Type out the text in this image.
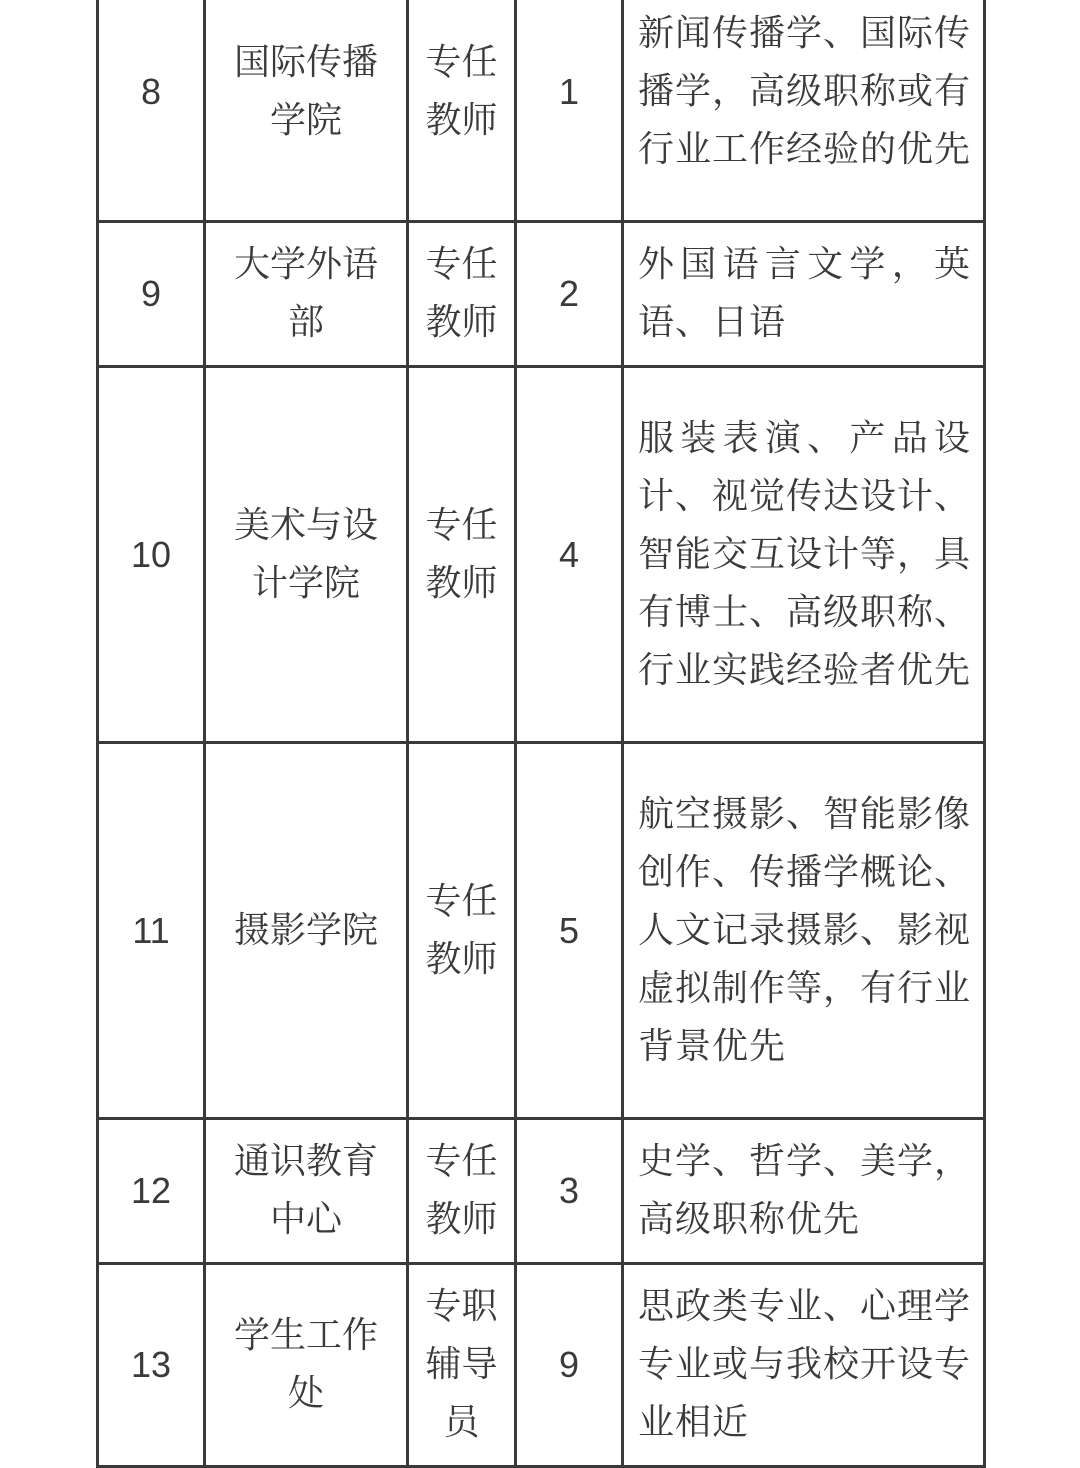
8	国际传播学院	专任教师	1	新闻传播学、国际传播学，高级职称或有行业工作经验的优先
9	大学外语部	专任教师	2	外国语言文学，英语、日语
10	美术与设计学院	专任教师	4	服装表演、产品设计、视觉传达设计、智能交互设计等，具有博士、高级职称、行业实践经验者优先
11	摄影学院	专任教师	5	航空摄影、智能影像创作、传播学概论、人文记录摄影、影视虚拟制作等，有行业背景优先
12	通识教育中心	专任教师	3	史学、哲学、美学，高级职称优先
13	学生工作处	专职辅导员	9	思政类专业、心理学专业或与我校开设专业相近
